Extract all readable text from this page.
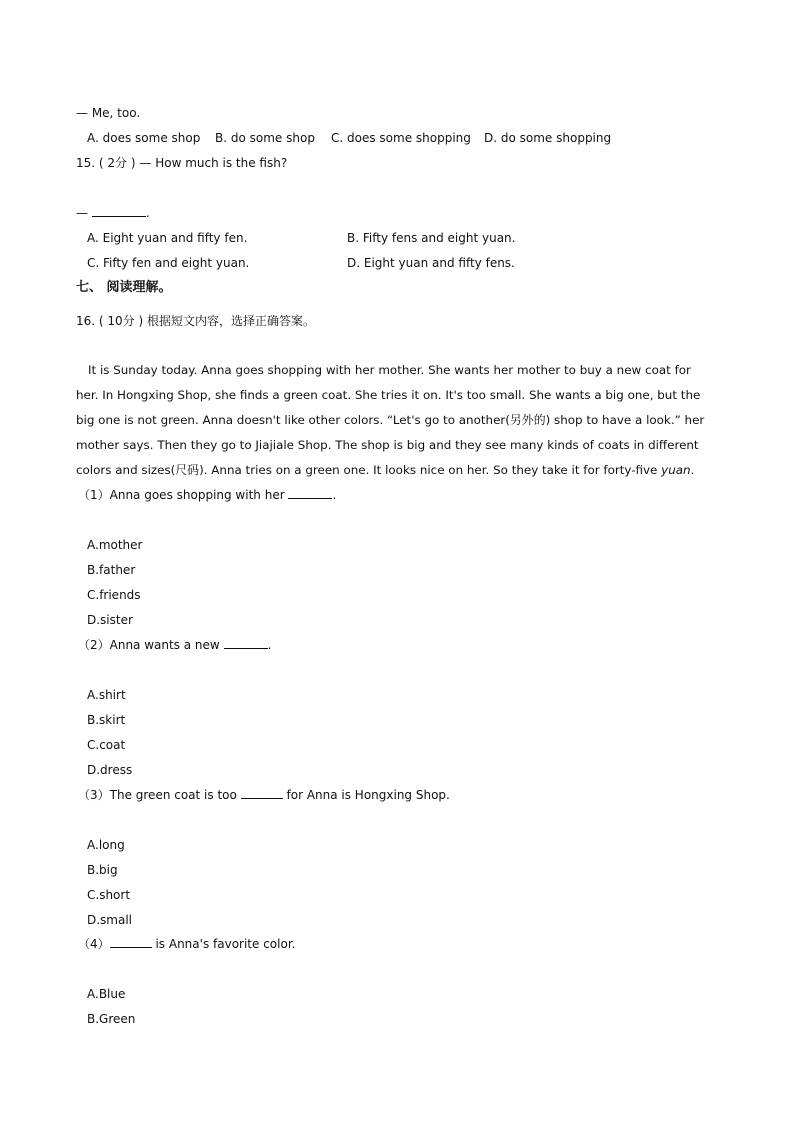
— Me, too.
A. does some shop B. do some shop C. does some shopping D. do some shopping
15. ( 2分 ) — How much is the fish?
—	.
A. Eight yuan and fifty fen.	B. Fifty fens and eight yuan.
C. Fifty fen and eight yuan.	D. Eight yuan and fifty fens.
七、 阅读理解。
16. ( 10分 ) 根据短文内容，选择正确答案。
It is Sunday today. Anna goes shopping with her mother. She wants her mother to buy a new coat for her. In Hongxing Shop, she finds a green coat. She tries it on. It's too small. She wants a big one, but the big one is not green. Anna doesn't like other colors. “Let's go to another(另外的) shop to have a look.” her mother says. Then they go to Jiajiale Shop. The shop is big and they see many kinds of coats in different colors and sizes(尺码). Anna tries on a green one. It looks nice on her. So they take it for forty-five yuan.
（1）Anna goes shopping with her	.
A.mother
B.father
C.friends
D.sister
（2）Anna wants a new	.
A.shirt
B.skirt
C.coat
D.dress
（3）The green coat is too	for Anna is Hongxing Shop.
A.long
B.big
C.short
D.small
（4）	is Anna's favorite color.
A.Blue
B.Green
